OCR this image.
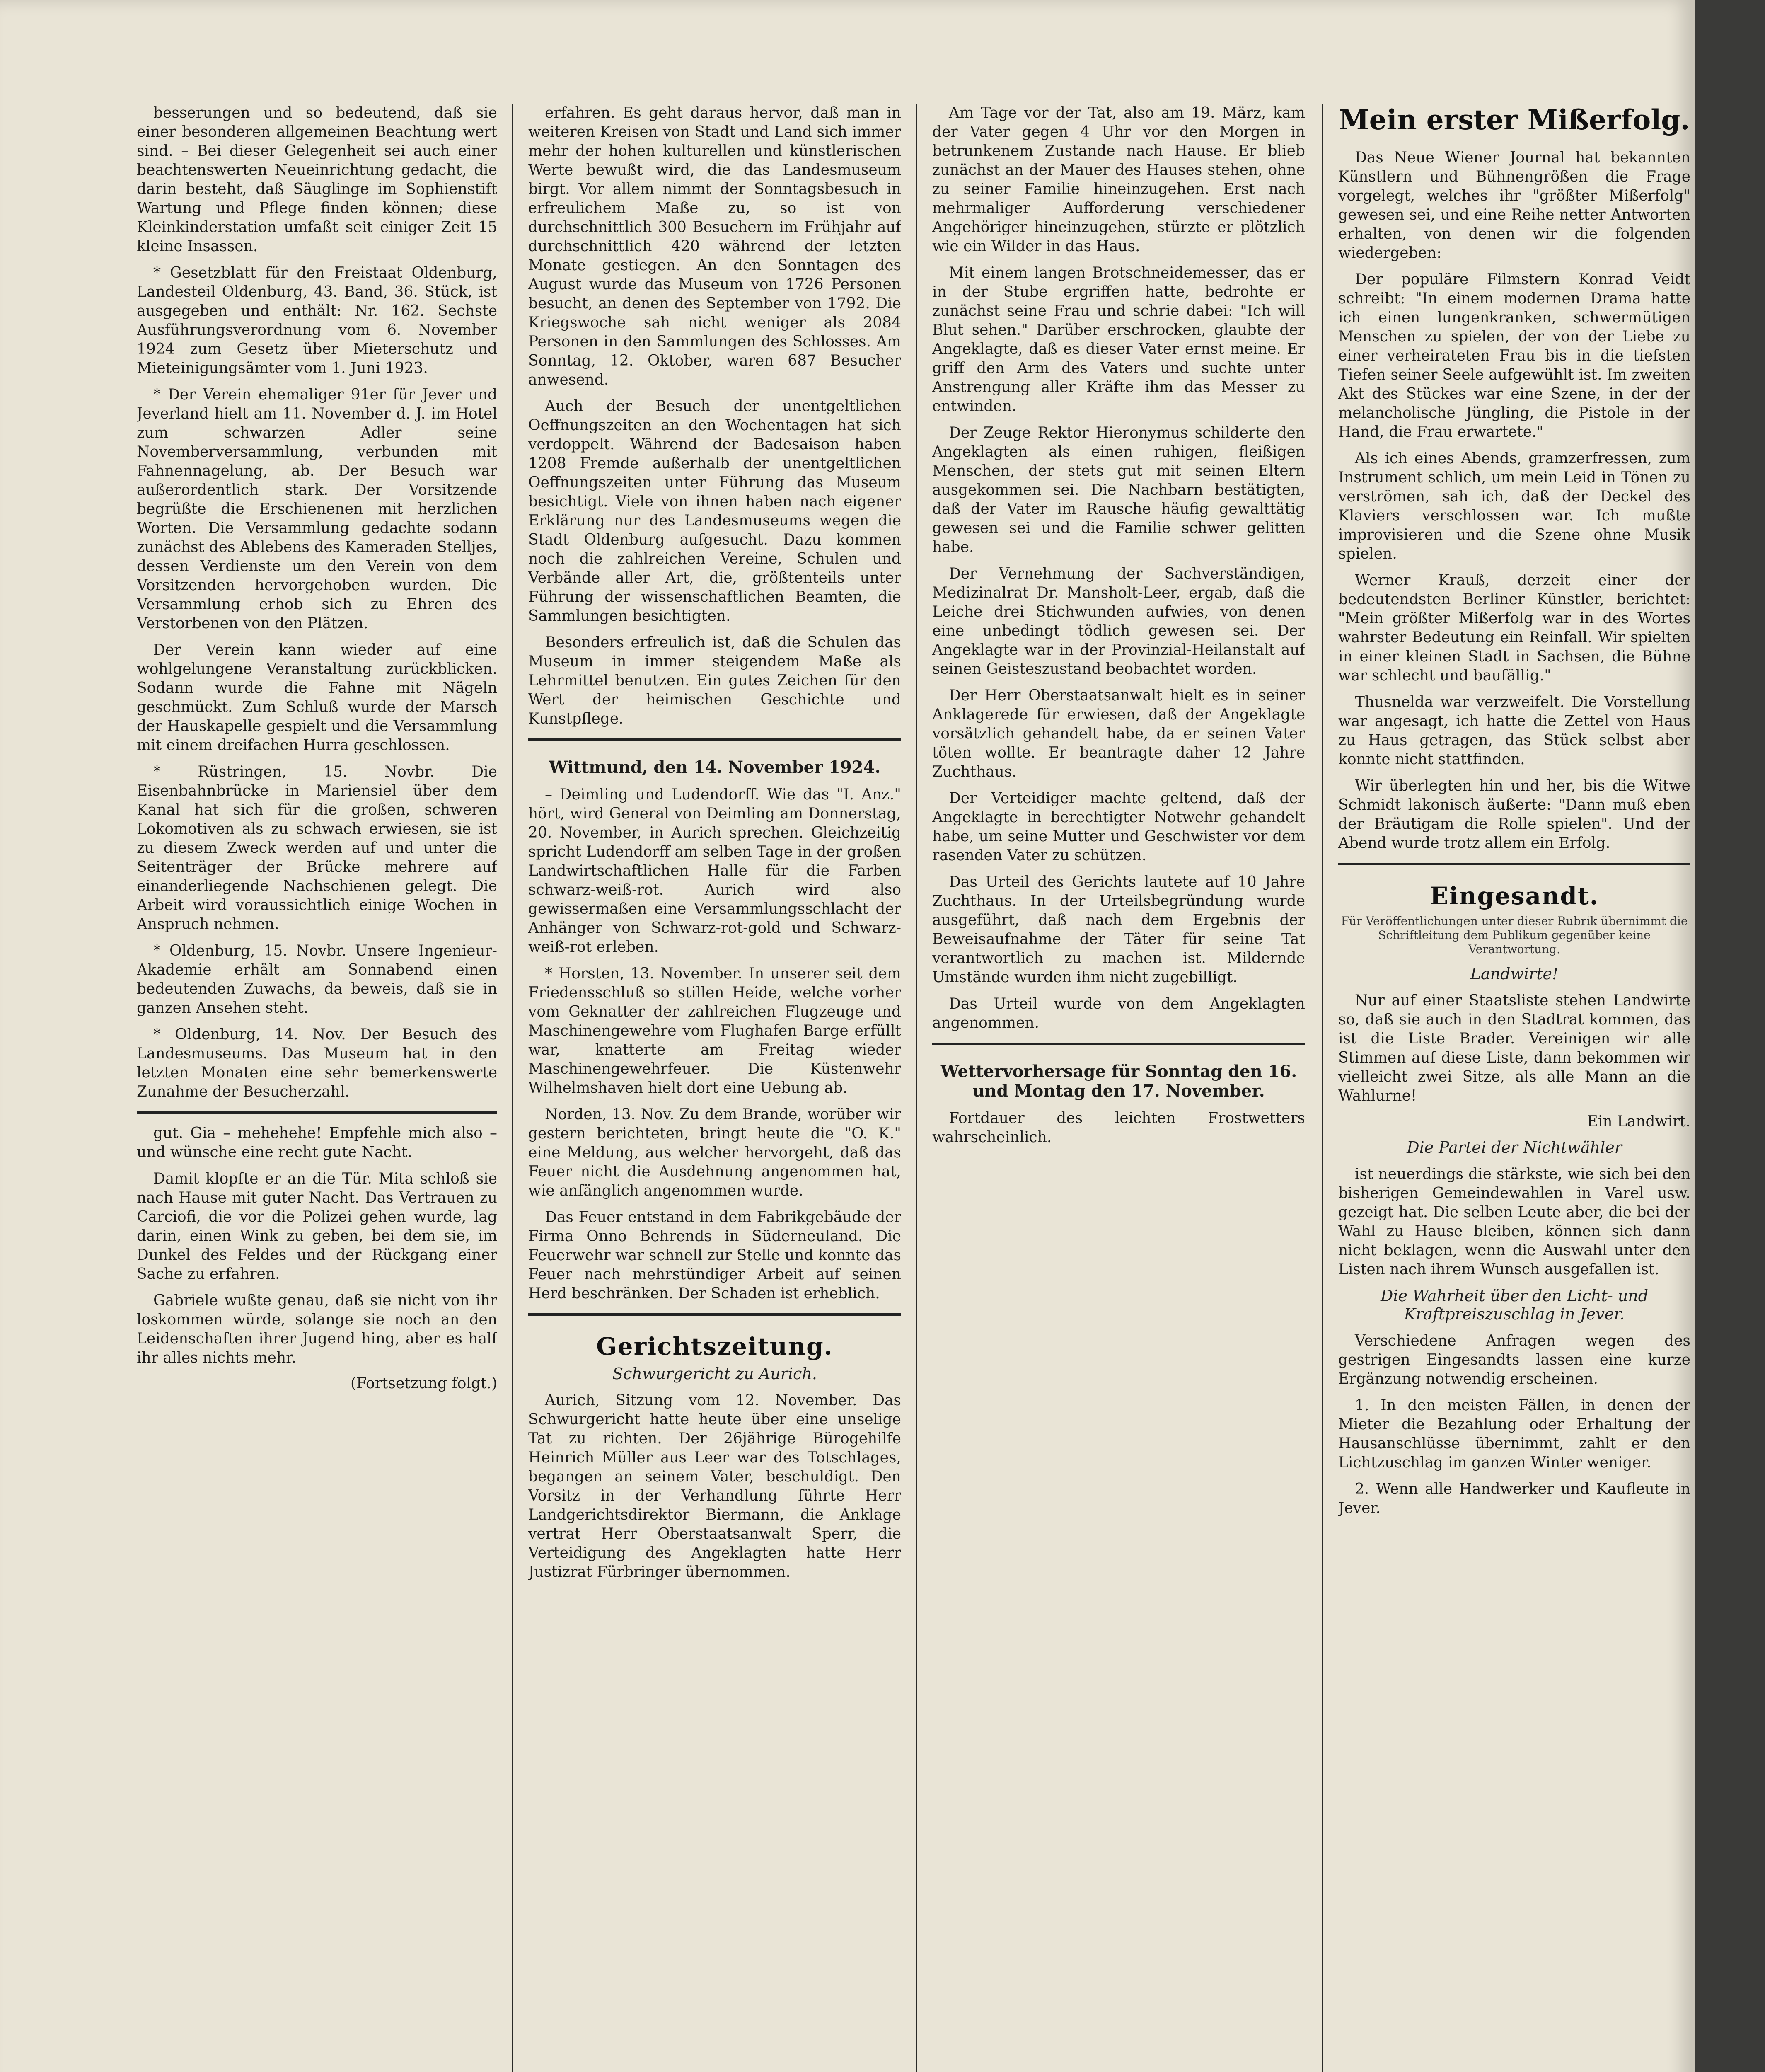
besserungen und so bedeutend, daß sie einer besonderen allgemeinen Beachtung wert sind. – Bei dieser Gelegenheit sei auch einer beachtenswerten Neueinrichtung gedacht, die darin besteht, daß Säuglinge im Sophienstift Wartung und Pflege finden können; diese Kleinkinderstation umfaßt seit einiger Zeit 15 kleine Insassen.

* Gesetzblatt für den Freistaat Oldenburg, Landesteil Oldenburg, 43. Band, 36. Stück, ist ausgegeben und enthält: Nr. 162. Sechste Ausführungsverordnung vom 6. November 1924 zum Gesetz über Mieterschutz und Mieteinigungsämter vom 1. Juni 1923.

* Der Verein ehemaliger 91er für Jever und Jeverland hielt am 11. November d. J. im Hotel zum schwarzen Adler seine Novemberversammlung, verbunden mit Fahnennagelung, ab. Der Besuch war außerordentlich stark. Der Vorsitzende begrüßte die Erschienenen mit herzlichen Worten. Die Versammlung gedachte sodann zunächst des Ablebens des Kameraden Stelljes, dessen Verdienste um den Verein von dem Vorsitzenden hervorgehoben wurden. Die Versammlung erhob sich zu Ehren des Verstorbenen von den Plätzen.

Der Verein kann wieder auf eine wohlgelungene Veranstaltung zurückblicken. Sodann wurde die Fahne mit Nägeln geschmückt. Zum Schluß wurde der Marsch der Hauskapelle gespielt und die Versammlung mit einem dreifachen Hurra geschlossen.

* Rüstringen, 15. Novbr. Die Eisenbahnbrücke in Mariensiel über dem Kanal hat sich für die großen, schweren Lokomotiven als zu schwach erwiesen, sie ist zu diesem Zweck werden auf und unter die Seitenträger der Brücke mehrere auf einanderliegende Nachschienen gelegt. Die Arbeit wird voraussichtlich einige Wochen in Anspruch nehmen.

* Oldenburg, 15. Novbr. Unsere Ingenieur-Akademie erhält am Sonnabend einen bedeutenden Zuwachs, da beweis, daß sie in ganzen Ansehen steht.

* Oldenburg, 14. Nov. Der Besuch des Landesmuseums. Das Museum hat in den letzten Monaten eine sehr bemerkenswerte Zunahme der Besucherzahl.

gut. Gia – mehehehe! Empfehle mich also – und wünsche eine recht gute Nacht.

Damit klopfte er an die Tür. Mita schloß sie nach Hause mit guter Nacht. Das Vertrauen zu Carciofi, die vor die Polizei gehen wurde, lag darin, einen Wink zu geben, bei dem sie, im Dunkel des Feldes und der Rückgang einer Sache zu erfahren.

Gabriele wußte genau, daß sie nicht von ihr loskommen würde, solange sie noch an den Leidenschaften ihrer Jugend hing, aber es half ihr alles nichts mehr.

(Fortsetzung folgt.)

erfahren. Es geht daraus hervor, daß man in weiteren Kreisen von Stadt und Land sich immer mehr der hohen kulturellen und künstlerischen Werte bewußt wird, die das Landesmuseum birgt. Vor allem nimmt der Sonntagsbesuch in erfreulichem Maße zu, so ist von durchschnittlich 300 Besuchern im Frühjahr auf durchschnittlich 420 während der letzten Monate gestiegen. An den Sonntagen des August wurde das Museum von 1726 Personen besucht, an denen des September von 1792. Die Kriegswoche sah nicht weniger als 2084 Personen in den Sammlungen des Schlosses. Am Sonntag, 12. Oktober, waren 687 Besucher anwesend.

Auch der Besuch der unentgeltlichen Oeffnungszeiten an den Wochentagen hat sich verdoppelt. Während der Badesaison haben 1208 Fremde außerhalb der unentgeltlichen Oeffnungszeiten unter Führung das Museum besichtigt. Viele von ihnen haben nach eigener Erklärung nur des Landesmuseums wegen die Stadt Oldenburg aufgesucht. Dazu kommen noch die zahlreichen Vereine, Schulen und Verbände aller Art, die, größtenteils unter Führung der wissenschaftlichen Beamten, die Sammlungen besichtigten.

Besonders erfreulich ist, daß die Schulen das Museum in immer steigendem Maße als Lehrmittel benutzen. Ein gutes Zeichen für den Wert der heimischen Geschichte und Kunstpflege.

Wittmund, den 14. November 1924.

– Deimling und Ludendorff. Wie das "I. Anz." hört, wird General von Deimling am Donnerstag, 20. November, in Aurich sprechen. Gleichzeitig spricht Ludendorff am selben Tage in der großen Landwirtschaftlichen Halle für die Farben schwarz-weiß-rot. Aurich wird also gewissermaßen eine Versammlungsschlacht der Anhänger von Schwarz-rot-gold und Schwarz-weiß-rot erleben.

* Horsten, 13. November. In unserer seit dem Friedensschluß so stillen Heide, welche vorher vom Geknatter der zahlreichen Flugzeuge und Maschinengewehre vom Flughafen Barge erfüllt war, knatterte am Freitag wieder Maschinengewehrfeuer. Die Küstenwehr Wilhelmshaven hielt dort eine Uebung ab.

Norden, 13. Nov. Zu dem Brande, worüber wir gestern berichteten, bringt heute die "O. K." eine Meldung, aus welcher hervorgeht, daß das Feuer nicht die Ausdehnung angenommen hat, wie anfänglich angenommen wurde.

Das Feuer entstand in dem Fabrikgebäude der Firma Onno Behrends in Süderneuland. Die Feuerwehr war schnell zur Stelle und konnte das Feuer nach mehrstündiger Arbeit auf seinen Herd beschränken. Der Schaden ist erheblich.

Gerichtszeitung.
Schwurgericht zu Aurich.

Aurich, Sitzung vom 12. November. Das Schwurgericht hatte heute über eine unselige Tat zu richten. Der 26jährige Bürogehilfe Heinrich Müller aus Leer war des Totschlages, begangen an seinem Vater, beschuldigt. Den Vorsitz in der Verhandlung führte Herr Landgerichtsdirektor Biermann, die Anklage vertrat Herr Oberstaatsanwalt Sperr, die Verteidigung des Angeklagten hatte Herr Justizrat Fürbringer übernommen.

Am Tage vor der Tat, also am 19. März, kam der Vater gegen 4 Uhr vor den Morgen in betrunkenem Zustande nach Hause. Er blieb zunächst an der Mauer des Hauses stehen, ohne zu seiner Familie hineinzugehen. Erst nach mehrmaliger Aufforderung verschiedener Angehöriger hineinzugehen, stürzte er plötzlich wie ein Wilder in das Haus.

Mit einem langen Brotschneidemesser, das er in der Stube ergriffen hatte, bedrohte er zunächst seine Frau und schrie dabei: "Ich will Blut sehen." Darüber erschrocken, glaubte der Angeklagte, daß es dieser Vater ernst meine. Er griff den Arm des Vaters und suchte unter Anstrengung aller Kräfte ihm das Messer zu entwinden.

Der Zeuge Rektor Hieronymus schilderte den Angeklagten als einen ruhigen, fleißigen Menschen, der stets gut mit seinen Eltern ausgekommen sei. Die Nachbarn bestätigten, daß der Vater im Rausche häufig gewalttätig gewesen sei und die Familie schwer gelitten habe.

Der Vernehmung der Sachverständigen, Medizinalrat Dr. Mansholt-Leer, ergab, daß die Leiche drei Stichwunden aufwies, von denen eine unbedingt tödlich gewesen sei. Der Angeklagte war in der Provinzial-Heilanstalt auf seinen Geisteszustand beobachtet worden.

Der Herr Oberstaatsanwalt hielt es in seiner Anklagerede für erwiesen, daß der Angeklagte vorsätzlich gehandelt habe, da er seinen Vater töten wollte. Er beantragte daher 12 Jahre Zuchthaus.

Der Verteidiger machte geltend, daß der Angeklagte in berechtigter Notwehr gehandelt habe, um seine Mutter und Geschwister vor dem rasenden Vater zu schützen.

Das Urteil des Gerichts lautete auf 10 Jahre Zuchthaus. In der Urteilsbegründung wurde ausgeführt, daß nach dem Ergebnis der Beweisaufnahme der Täter für seine Tat verantwortlich zu machen ist. Mildernde Umstände wurden ihm nicht zugebilligt.

Das Urteil wurde von dem Angeklagten angenommen.

Wettervorhersage für Sonntag den 16. und Montag den 17. November.

Fortdauer des leichten Frostwetters wahrscheinlich.

Mein erster Mißerfolg.

Das Neue Wiener Journal hat bekannten Künstlern und Bühnengrößen die Frage vorgelegt, welches ihr "größter Mißerfolg" gewesen sei, und eine Reihe netter Antworten erhalten, von denen wir die folgenden wiedergeben:

Der populäre Filmstern Konrad Veidt schreibt: "In einem modernen Drama hatte ich einen lungenkranken, schwermütigen Menschen zu spielen, der von der Liebe zu einer verheirateten Frau bis in die tiefsten Tiefen seiner Seele aufgewühlt ist. Im zweiten Akt des Stückes war eine Szene, in der der melancholische Jüngling, die Pistole in der Hand, die Frau erwartete."

Als ich eines Abends, gramzerfressen, zum Instrument schlich, um mein Leid in Tönen zu verströmen, sah ich, daß der Deckel des Klaviers verschlossen war. Ich mußte improvisieren und die Szene ohne Musik spielen.

Werner Krauß, derzeit einer der bedeutendsten Berliner Künstler, berichtet: "Mein größter Mißerfolg war in des Wortes wahrster Bedeutung ein Reinfall. Wir spielten in einer kleinen Stadt in Sachsen, die Bühne war schlecht und baufällig."

Thusnelda war verzweifelt. Die Vorstellung war angesagt, ich hatte die Zettel von Haus zu Haus getragen, das Stück selbst aber konnte nicht stattfinden.

Wir überlegten hin und her, bis die Witwe Schmidt lakonisch äußerte: "Dann muß eben der Bräutigam die Rolle spielen". Und der Abend wurde trotz allem ein Erfolg.

Eingesandt.
Für Veröffentlichungen unter dieser Rubrik übernimmt die Schriftleitung dem Publikum gegenüber keine Verantwortung.
Landwirte!

Nur auf einer Staatsliste stehen Landwirte so, daß sie auch in den Stadtrat kommen, das ist die Liste Brader. Vereinigen wir alle Stimmen auf diese Liste, dann bekommen wir vielleicht zwei Sitze, als alle Mann an die Wahlurne!

Ein Landwirt.

Die Partei der Nichtwähler

ist neuerdings die stärkste, wie sich bei den bisherigen Gemeindewahlen in Varel usw. gezeigt hat. Die selben Leute aber, die bei der Wahl zu Hause bleiben, können sich dann nicht beklagen, wenn die Auswahl unter den Listen nach ihrem Wunsch ausgefallen ist.

Die Wahrheit über den Licht- und Kraftpreiszuschlag in Jever.

Verschiedene Anfragen wegen des gestrigen Eingesandts lassen eine kurze Ergänzung notwendig erscheinen.

1. In den meisten Fällen, in denen der Mieter die Bezahlung oder Erhaltung der Hausanschlüsse übernimmt, zahlt er den Lichtzuschlag im ganzen Winter weniger.

2. Wenn alle Handwerker und Kaufleute in Jever.
